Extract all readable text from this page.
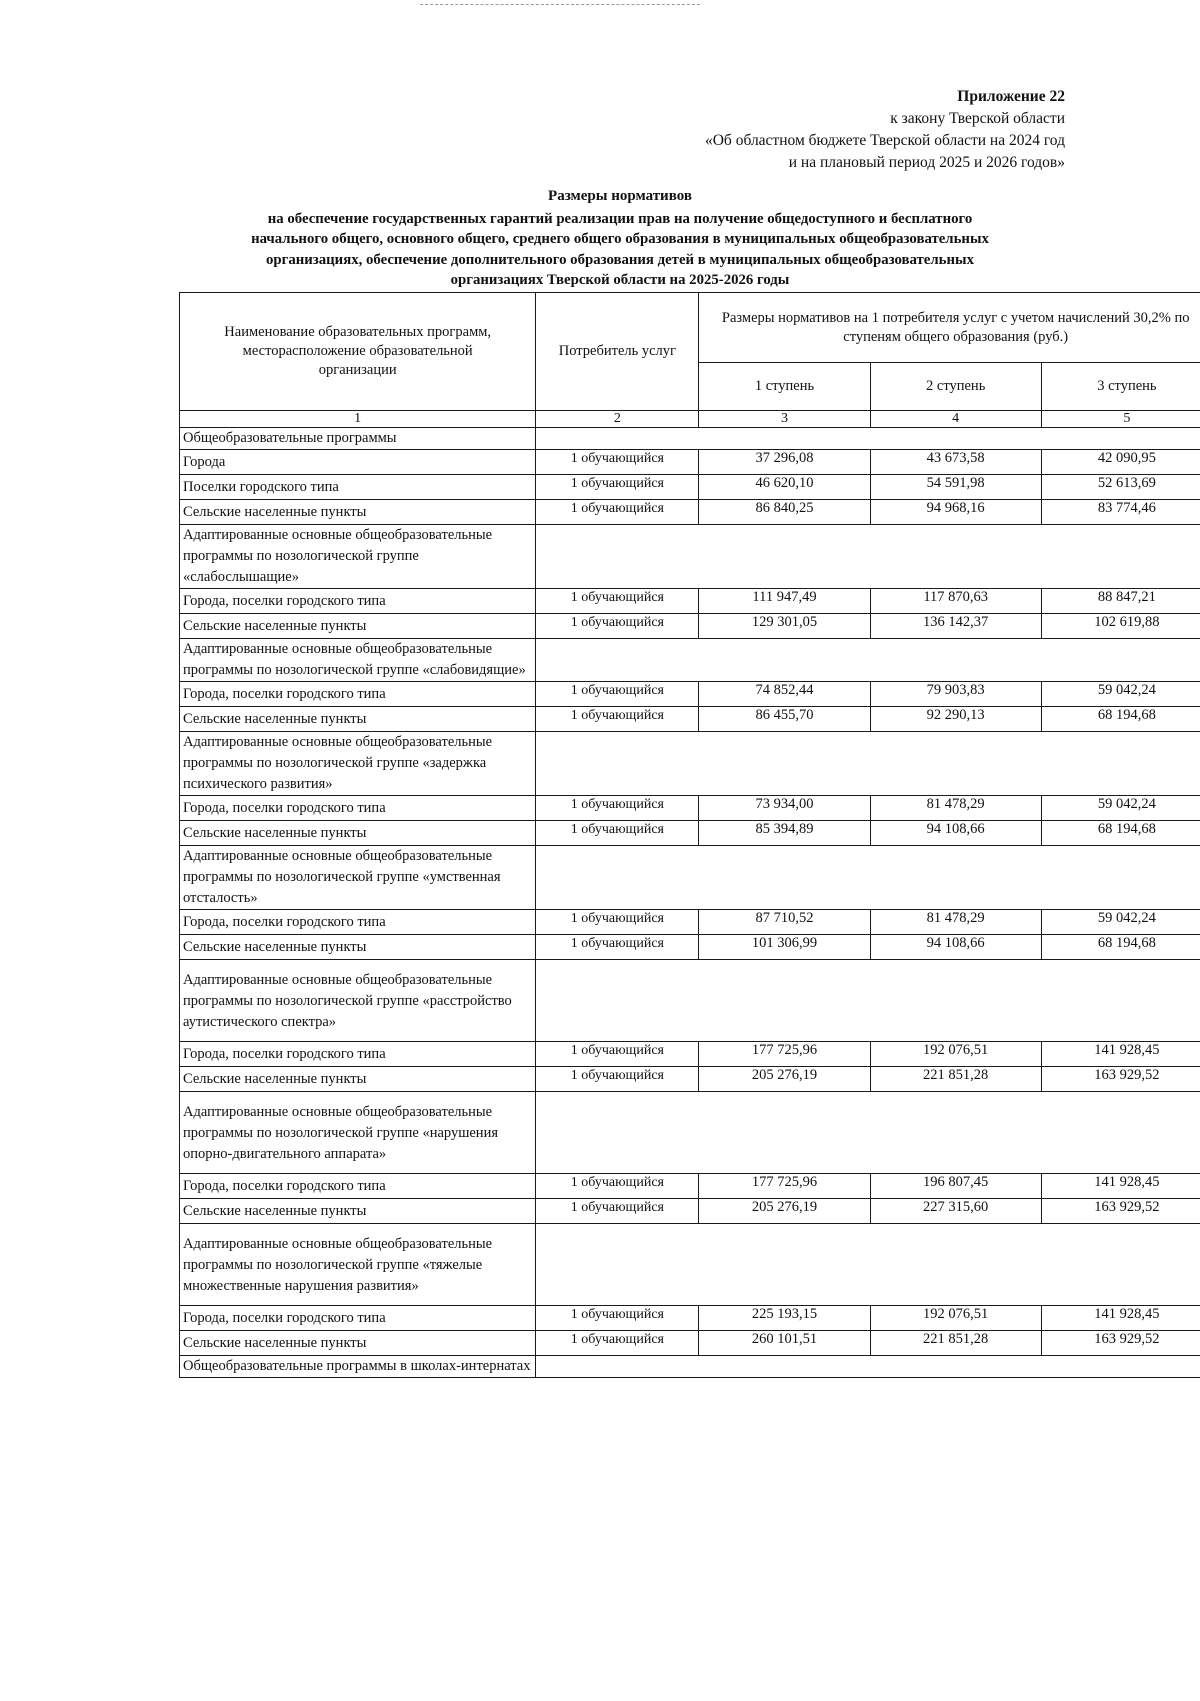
Приложение 22
к закону Тверской области
«Об областном бюджете Тверской области на 2024 год
и на плановый период 2025 и 2026 годов»
Размеры нормативов
на обеспечение государственных гарантий реализации прав на получение общедоступного и бесплатного
начального общего, основного общего, среднего общего образования в муниципальных общеобразовательных
организациях, обеспечение дополнительного образования детей в муниципальных общеобразовательных
организациях Тверской области на 2025-2026 годы
Наименование образовательных программ, месторасположение образовательной организации	Потребитель услуг	Размеры нормативов на 1 потребителя услуг с учетом начислений 30,2% по ступеням общего образования (руб.)		
		1 ступень	2 ступень	3 ступень
1	2	3	4	5
Общеобразовательные программы				
Города	1 обучающийся	37 296,08	43 673,58	42 090,95
Поселки городского типа	1 обучающийся	46 620,10	54 591,98	52 613,69
Сельские населенные пункты	1 обучающийся	86 840,25	94 968,16	83 774,46
Адаптированные основные общеобразовательные программы по нозологической группе «слабослышащие»				
Города, поселки городского типа	1 обучающийся	111 947,49	117 870,63	88 847,21
Сельские населенные пункты	1 обучающийся	129 301,05	136 142,37	102 619,88
Адаптированные основные общеобразовательные программы по нозологической группе «слабовидящие»				
Города, поселки городского типа	1 обучающийся	74 852,44	79 903,83	59 042,24
Сельские населенные пункты	1 обучающийся	86 455,70	92 290,13	68 194,68
Адаптированные основные общеобразовательные программы по нозологической группе «задержка психического развития»				
Города, поселки городского типа	1 обучающийся	73 934,00	81 478,29	59 042,24
Сельские населенные пункты	1 обучающийся	85 394,89	94 108,66	68 194,68
Адаптированные основные общеобразовательные программы по нозологической группе «умственная отсталость»				
Города, поселки городского типа	1 обучающийся	87 710,52	81 478,29	59 042,24
Сельские населенные пункты	1 обучающийся	101 306,99	94 108,66	68 194,68
Адаптированные основные общеобразовательные программы по нозологической группе «расстройство аутистического спектра»				
Города, поселки городского типа	1 обучающийся	177 725,96	192 076,51	141 928,45
Сельские населенные пункты	1 обучающийся	205 276,19	221 851,28	163 929,52
Адаптированные основные общеобразовательные программы по нозологической группе «нарушения опорно-двигательного аппарата»				
Города, поселки городского типа	1 обучающийся	177 725,96	196 807,45	141 928,45
Сельские населенные пункты	1 обучающийся	205 276,19	227 315,60	163 929,52
Адаптированные основные общеобразовательные программы по нозологической группе «тяжелые множественные нарушения развития»				
Города, поселки городского типа	1 обучающийся	225 193,15	192 076,51	141 928,45
Сельские населенные пункты	1 обучающийся	260 101,51	221 851,28	163 929,52
Общеобразовательные программы в школах-интернатах				
